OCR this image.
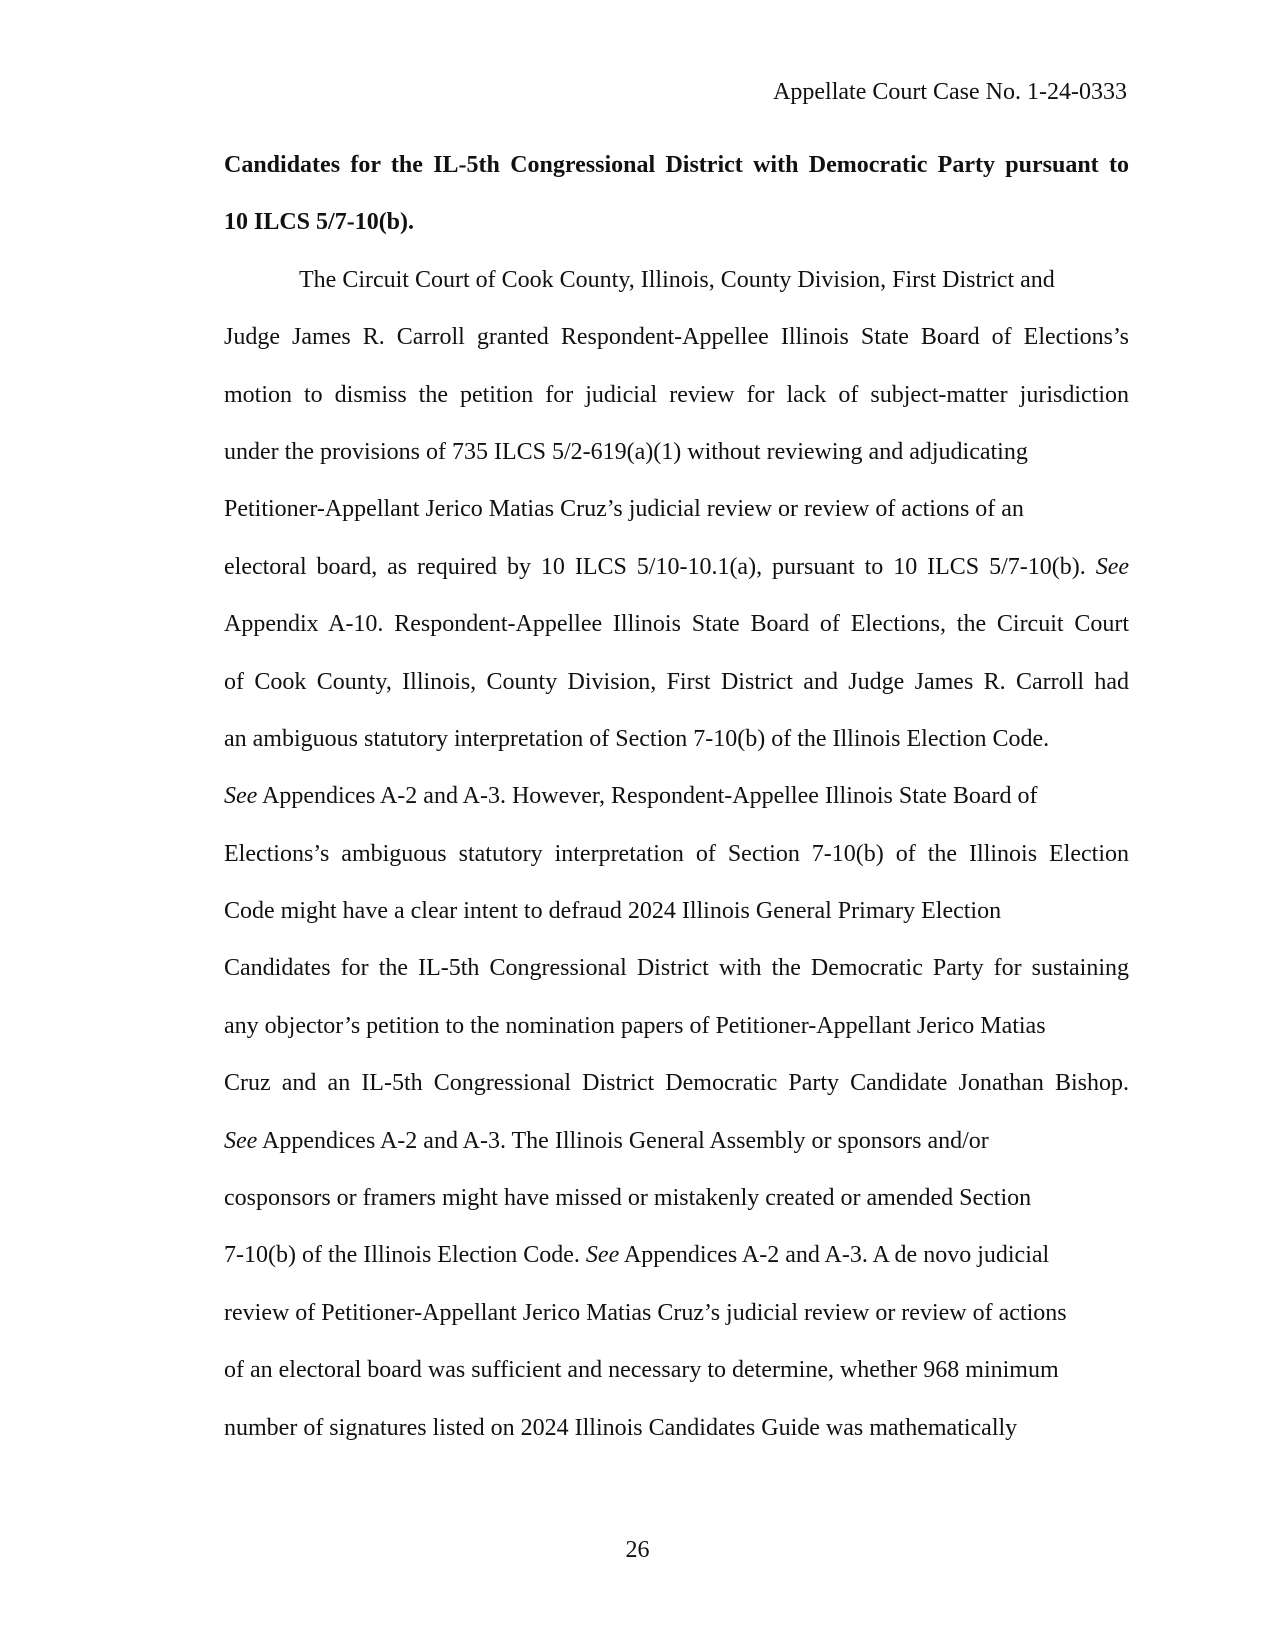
Appellate Court Case No. 1-24-0333
Candidates for the IL-5th Congressional District with Democratic Party pursuant to
10 ILCS 5/7-10(b).
The Circuit Court of Cook County, Illinois, County Division, First District and
Judge James R. Carroll granted Respondent-Appellee Illinois State Board of Elections’s
motion to dismiss the petition for judicial review for lack of subject-matter jurisdiction
under the provisions of 735 ILCS 5/2-619(a)(1) without reviewing and adjudicating
Petitioner-Appellant Jerico Matias Cruz’s judicial review or review of actions of an
electoral board, as required by 10 ILCS 5/10-10.1(a), pursuant to 10 ILCS 5/7-10(b). See
Appendix A-10. Respondent-Appellee Illinois State Board of Elections, the Circuit Court
of Cook County, Illinois, County Division, First District and Judge James R. Carroll had
an ambiguous statutory interpretation of Section 7-10(b) of the Illinois Election Code.
See Appendices A-2 and A-3. However, Respondent-Appellee Illinois State Board of
Elections’s ambiguous statutory interpretation of Section 7-10(b) of the Illinois Election
Code might have a clear intent to defraud 2024 Illinois General Primary Election
Candidates for the IL-5th Congressional District with the Democratic Party for sustaining
any objector’s petition to the nomination papers of Petitioner-Appellant Jerico Matias
Cruz and an IL-5th Congressional District Democratic Party Candidate Jonathan Bishop.
See Appendices A-2 and A-3. The Illinois General Assembly or sponsors and/or
cosponsors or framers might have missed or mistakenly created or amended Section
7-10(b) of the Illinois Election Code. See Appendices A-2 and A-3. A de novo judicial
review of Petitioner-Appellant Jerico Matias Cruz’s judicial review or review of actions
of an electoral board was sufficient and necessary to determine, whether 968 minimum
number of signatures listed on 2024 Illinois Candidates Guide was mathematically
26
